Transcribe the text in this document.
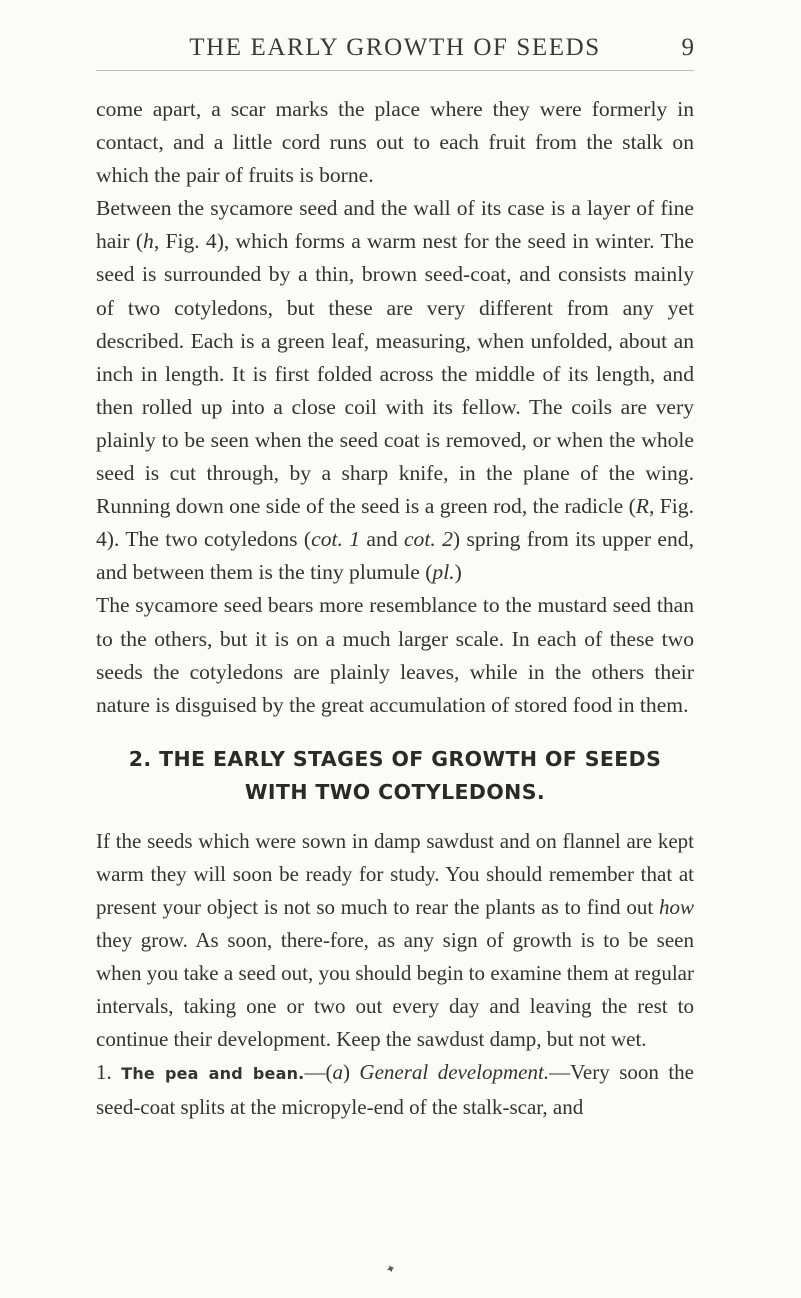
THE EARLY GROWTH OF SEEDS	9

come apart, a scar marks the place where they were formerly in contact, and a little cord runs out to each fruit from the stalk on which the pair of fruits is borne.

Between the sycamore seed and the wall of its case is a layer of fine hair (h, Fig. 4), which forms a warm nest for the seed in winter. The seed is surrounded by a thin, brown seed-coat, and consists mainly of two cotyledons, but these are very different from any yet described. Each is a green leaf, measuring, when unfolded, about an inch in length. It is first folded across the middle of its length, and then rolled up into a close coil with its fellow. The coils are very plainly to be seen when the seed coat is removed, or when the whole seed is cut through, by a sharp knife, in the plane of the wing. Running down one side of the seed is a green rod, the radicle (R, Fig. 4). The two cotyledons (cot. 1 and cot. 2) spring from its upper end, and between them is the tiny plumule (pl.)

The sycamore seed bears more resemblance to the mustard seed than to the others, but it is on a much larger scale. In each of these two seeds the cotyledons are plainly leaves, while in the others their nature is disguised by the great accumulation of stored food in them.

2. THE EARLY STAGES OF GROWTH OF SEEDS
WITH TWO COTYLEDONS.

If the seeds which were sown in damp sawdust and on flannel are kept warm they will soon be ready for study. You should remember that at present your object is not so much to rear the plants as to find out how they grow. As soon, there-fore, as any sign of growth is to be seen when you take a seed out, you should begin to examine them at regular intervals, taking one or two out every day and leaving the rest to continue their development. Keep the sawdust damp, but not wet.

1. The pea and bean.—(a) General development.—Very soon the seed-coat splits at the micropyle-end of the stalk-scar, and

✦
